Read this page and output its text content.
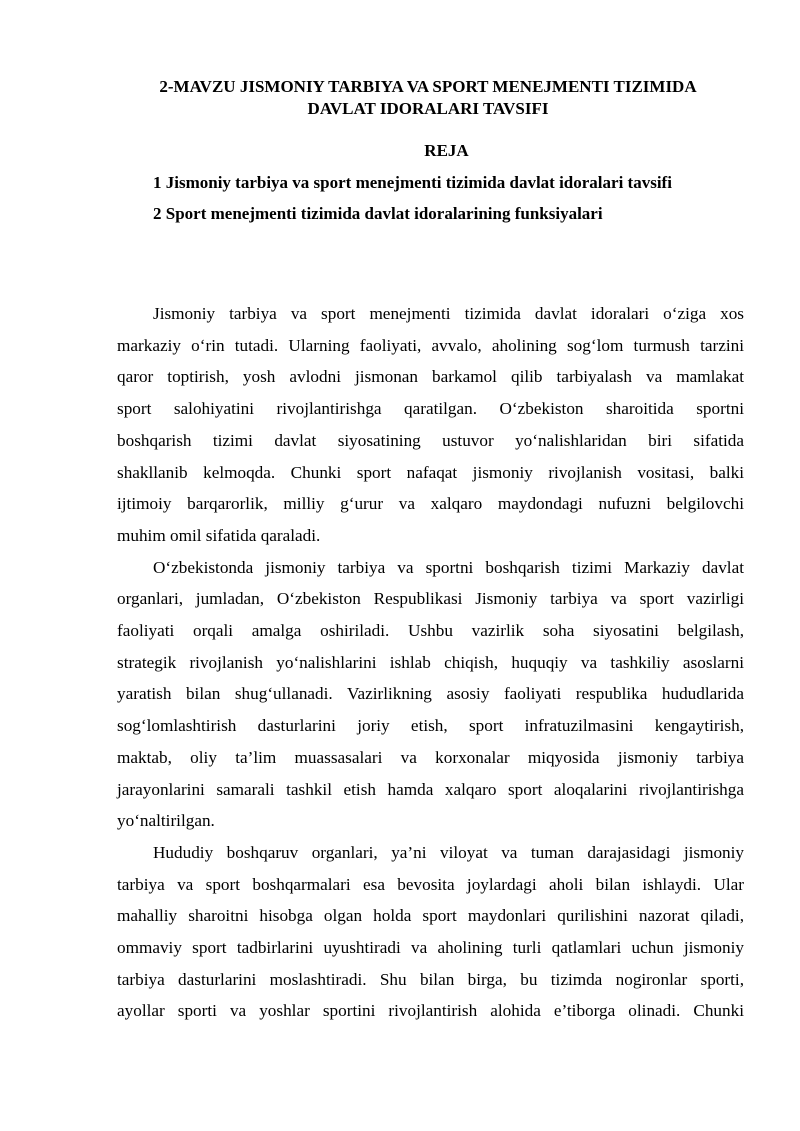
2-MAVZU JISMONIY TARBIYA VA SPORT MENEJMENTI TIZIMIDA
DAVLAT IDORALARI TAVSIFI
REJA
1 Jismoniy tarbiya va sport menejmenti tizimida davlat idoralari tavsifi
2 Sport menejmenti tizimida davlat idoralarining funksiyalari
Jismoniy tarbiya va sport menejmenti tizimida davlat idoralari o‘ziga xos
markaziy o‘rin tutadi. Ularning faoliyati, avvalo, aholining sog‘lom turmush tarzini
qaror toptirish, yosh avlodni jismonan barkamol qilib tarbiyalash va mamlakat
sport salohiyatini rivojlantirishga qaratilgan. O‘zbekiston sharoitida sportni
boshqarish tizimi davlat siyosatining ustuvor yo‘nalishlaridan biri sifatida
shakllanib kelmoqda. Chunki sport nafaqat jismoniy rivojlanish vositasi, balki
ijtimoiy barqarorlik, milliy g‘urur va xalqaro maydondagi nufuzni belgilovchi
muhim omil sifatida qaraladi.
O‘zbekistonda jismoniy tarbiya va sportni boshqarish tizimi Markaziy davlat
organlari, jumladan, O‘zbekiston Respublikasi Jismoniy tarbiya va sport vazirligi
faoliyati orqali amalga oshiriladi. Ushbu vazirlik soha siyosatini belgilash,
strategik rivojlanish yo‘nalishlarini ishlab chiqish, huquqiy va tashkiliy asoslarni
yaratish bilan shug‘ullanadi. Vazirlikning asosiy faoliyati respublika hududlarida
sog‘lomlashtirish dasturlarini joriy etish, sport infratuzilmasini kengaytirish,
maktab, oliy ta’lim muassasalari va korxonalar miqyosida jismoniy tarbiya
jarayonlarini samarali tashkil etish hamda xalqaro sport aloqalarini rivojlantirishga
yo‘naltirilgan.
Hududiy boshqaruv organlari, ya’ni viloyat va tuman darajasidagi jismoniy
tarbiya va sport boshqarmalari esa bevosita joylardagi aholi bilan ishlaydi. Ular
mahalliy sharoitni hisobga olgan holda sport maydonlari qurilishini nazorat qiladi,
ommaviy sport tadbirlarini uyushtiradi va aholining turli qatlamlari uchun jismoniy
tarbiya dasturlarini moslashtiradi. Shu bilan birga, bu tizimda nogironlar sporti,
ayollar sporti va yoshlar sportini rivojlantirish alohida e’tiborga olinadi. Chunki
